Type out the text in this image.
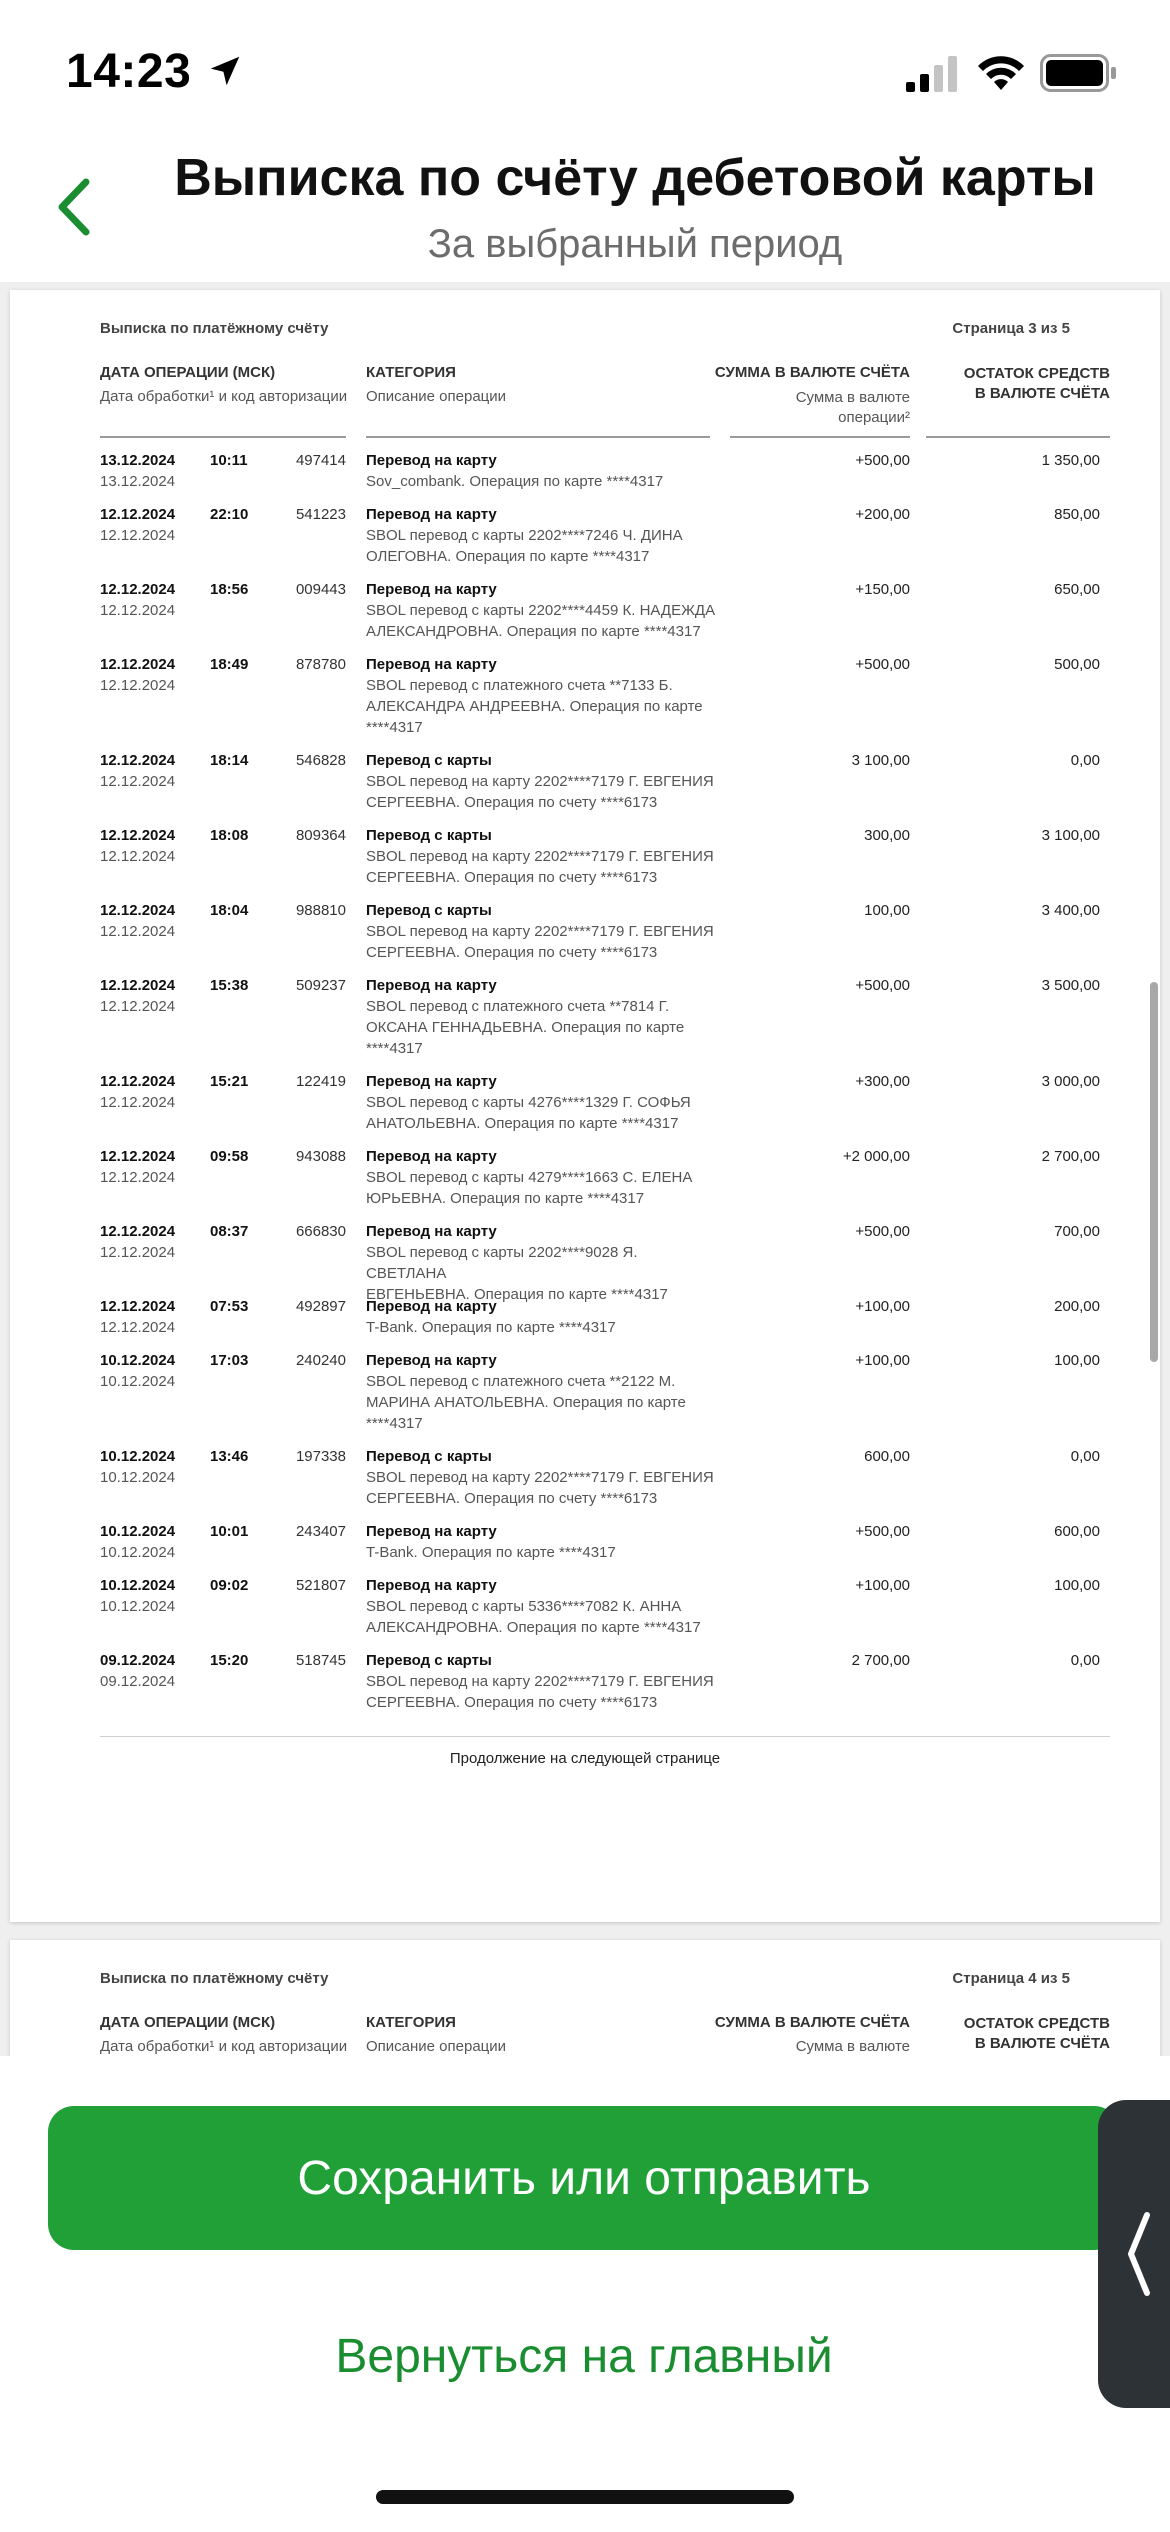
14:23
Выписка по счёту дебетовой карты
За выбранный период
Выписка по платёжному счёту	Страница 3 из 5
ДАТА ОПЕРАЦИИ (МСК)
Дата обработки¹ и код авторизации
КАТЕГОРИЯ
Описание операции
СУММА В ВАЛЮТЕ СЧЁТА
Сумма в валюте
операции²
ОСТАТОК СРЕДСТВ
В ВАЛЮТЕ СЧЁТА
13.12.2024
13.12.2024
10:11	497414 Перевод на карту	+500,00	1 350,00
Sov_combank. Операция по карте ****4317
12.12.2024
12.12.2024
22:10	541223 Перевод на карту	+200,00	850,00
SBOL перевод с карты 2202****7246 Ч. ДИНА
ОЛЕГОВНА. Операция по карте ****4317
12.12.2024
12.12.2024
18:56	009443 Перевод на карту	+150,00	650,00
SBOL перевод с карты 2202****4459 К. НАДЕЖДА
АЛЕКСАНДРОВНА. Операция по карте ****4317
12.12.2024
12.12.2024
18:49	878780 Перевод на карту	+500,00	500,00
SBOL перевод с платежного счета **7133 Б.
АЛЕКСАНДРА АНДРЕЕВНА. Операция по карте
****4317
12.12.2024
12.12.2024
18:14	546828 Перевод с карты	3 100,00	0,00
SBOL перевод на карту 2202****7179 Г. ЕВГЕНИЯ
СЕРГЕЕВНА. Операция по счету ****6173
12.12.2024
12.12.2024
18:08	809364 Перевод с карты	300,00	3 100,00
SBOL перевод на карту 2202****7179 Г. ЕВГЕНИЯ
СЕРГЕЕВНА. Операция по счету ****6173
12.12.2024
12.12.2024
18:04	988810 Перевод с карты	100,00	3 400,00
SBOL перевод на карту 2202****7179 Г. ЕВГЕНИЯ
СЕРГЕЕВНА. Операция по счету ****6173
12.12.2024
12.12.2024
15:38	509237 Перевод на карту	+500,00	3 500,00
SBOL перевод с платежного счета **7814 Г.
ОКСАНА ГЕННАДЬЕВНА. Операция по карте
****4317
12.12.2024
12.12.2024
15:21	122419 Перевод на карту	+300,00	3 000,00
SBOL перевод с карты 4276****1329 Г. СОФЬЯ
АНАТОЛЬЕВНА. Операция по карте ****4317
12.12.2024
12.12.2024
09:58	943088 Перевод на карту	+2 000,00	2 700,00
SBOL перевод с карты 4279****1663 С. ЕЛЕНА
ЮРЬЕВНА. Операция по карте ****4317
12.12.2024
12.12.2024
08:37	666830 Перевод на карту	+500,00	700,00
SBOL перевод с карты 2202****9028 Я. СВЕТЛАНА
ЕВГЕНЬЕВНА. Операция по карте ****4317
12.12.2024
12.12.2024
07:53	492897 Перевод на карту	+100,00	200,00
T-Bank. Операция по карте ****4317
10.12.2024
10.12.2024
17:03	240240 Перевод на карту	+100,00	100,00
SBOL перевод с платежного счета **2122 М.
МАРИНА АНАТОЛЬЕВНА. Операция по карте
****4317
10.12.2024
10.12.2024
13:46	197338 Перевод с карты	600,00	0,00
SBOL перевод на карту 2202****7179 Г. ЕВГЕНИЯ
СЕРГЕЕВНА. Операция по счету ****6173
10.12.2024
10.12.2024
10:01	243407 Перевод на карту	+500,00	600,00
T-Bank. Операция по карте ****4317
10.12.2024
10.12.2024
09:02	521807 Перевод на карту	+100,00	100,00
SBOL перевод с карты 5336****7082 К. АННА
АЛЕКСАНДРОВНА. Операция по карте ****4317
09.12.2024
09.12.2024
15:20	518745 Перевод с карты	2 700,00	0,00
SBOL перевод на карту 2202****7179 Г. ЕВГЕНИЯ
СЕРГЕЕВНА. Операция по счету ****6173
Продолжение на следующей странице
Выписка по платёжному счёту	Страница 4 из 5
ДАТА ОПЕРАЦИИ (МСК)
Дата обработки¹ и код авторизации
КАТЕГОРИЯ
Описание операции
СУММА В ВАЛЮТЕ СЧЁТА
Сумма в валюте
ОСТАТОК СРЕДСТВ
В ВАЛЮТЕ СЧЁТА
Сохранить или отправить
Вернуться на главный
